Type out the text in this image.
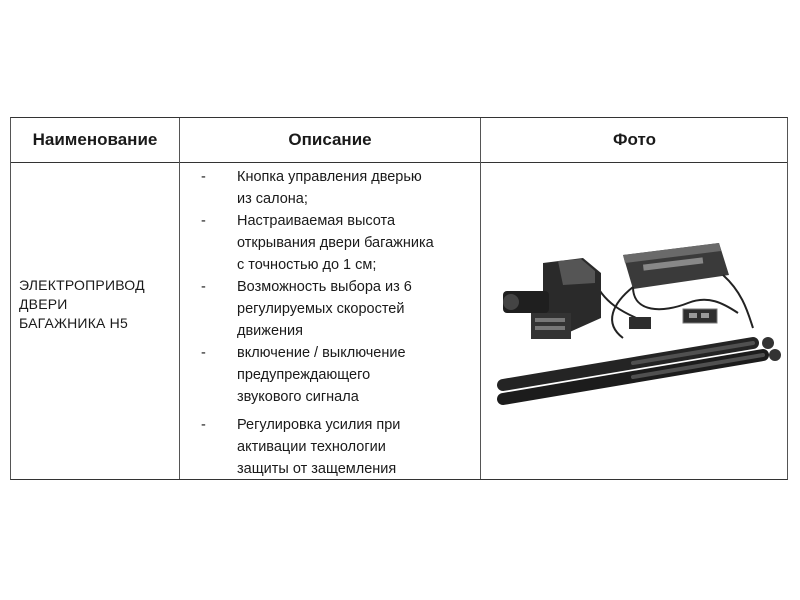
Наименование	Описание	Фото
ЭЛЕКТРОПРИВОД
ДВЕРИ
БАГАЖНИКА H5
- Кнопка управления дверью
из салона;
- Настраиваемая высота
открывания двери багажника
с точностью до 1 см;
- Возможность выбора из 6
регулируемых скоростей
движения
- включение / выключение
предупреждающего
звукового сигнала
- Регулировка усилия при
активации технологии
защиты от защемления
